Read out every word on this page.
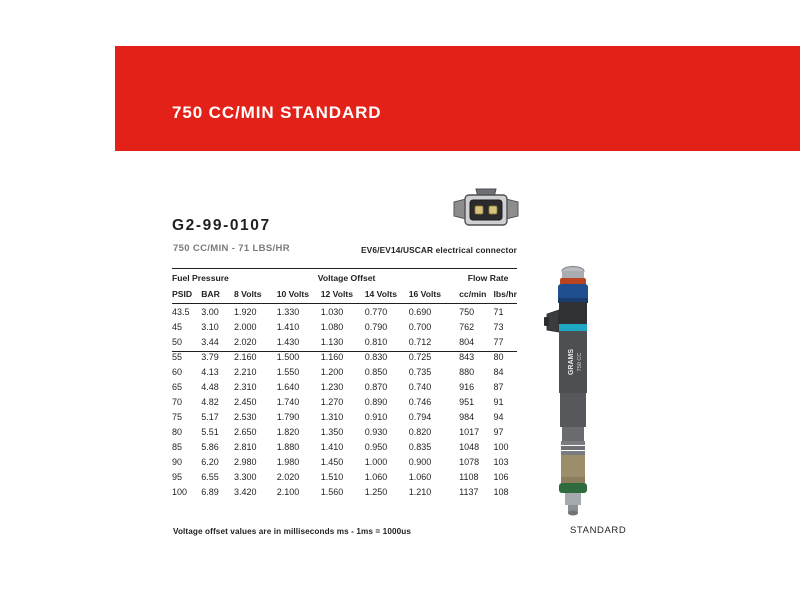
750 CC/MIN STANDARD
G2-99-0107
750 CC/MIN - 71 LBS/HR	EV6/EV14/USCAR electrical connector
Fuel Pressure		Voltage Offset					Flow Rate	
PSID	BAR	8 Volts	10 Volts	12 Volts	14 Volts	16 Volts	cc/min	lbs/hr
43.5	3.00	1.920	1.330	1.030	0.770	0.690	750	71
45	3.10	2.000	1.410	1.080	0.790	0.700	762	73
50	3.44	2.020	1.430	1.130	0.810	0.712	804	77
55	3.79	2.160	1.500	1.160	0.830	0.725	843	80
60	4.13	2.210	1.550	1.200	0.850	0.735	880	84
65	4.48	2.310	1.640	1.230	0.870	0.740	916	87
70	4.82	2.450	1.740	1.270	0.890	0.746	951	91
75	5.17	2.530	1.790	1.310	0.910	0.794	984	94
80	5.51	2.650	1.820	1.350	0.930	0.820	1017	97
85	5.86	2.810	1.880	1.410	0.950	0.835	1048	100
90	6.20	2.980	1.980	1.450	1.000	0.900	1078	103
95	6.55	3.300	2.020	1.510	1.060	1.060	1108	106
100	6.89	3.420	2.100	1.560	1.250	1.210	1137	108
Voltage offset values are in milliseconds ms - 1ms = 1000us
GRAMS 750 CC
STANDARD
